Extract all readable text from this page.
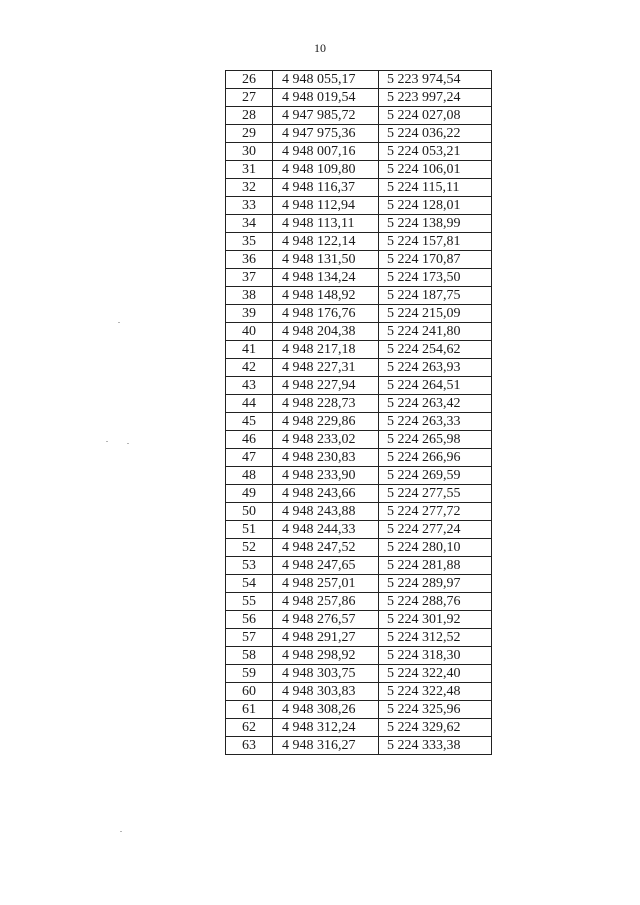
10
26	4 948 055,17	5 223 974,54
27	4 948 019,54	5 223 997,24
28	4 947 985,72	5 224 027,08
29	4 947 975,36	5 224 036,22
30	4 948 007,16	5 224 053,21
31	4 948 109,80	5 224 106,01
32	4 948 116,37	5 224 115,11
33	4 948 112,94	5 224 128,01
34	4 948 113,11	5 224 138,99
35	4 948 122,14	5 224 157,81
36	4 948 131,50	5 224 170,87
37	4 948 134,24	5 224 173,50
38	4 948 148,92	5 224 187,75
39	4 948 176,76	5 224 215,09
40	4 948 204,38	5 224 241,80
41	4 948 217,18	5 224 254,62
42	4 948 227,31	5 224 263,93
43	4 948 227,94	5 224 264,51
44	4 948 228,73	5 224 263,42
45	4 948 229,86	5 224 263,33
46	4 948 233,02	5 224 265,98
47	4 948 230,83	5 224 266,96
48	4 948 233,90	5 224 269,59
49	4 948 243,66	5 224 277,55
50	4 948 243,88	5 224 277,72
51	4 948 244,33	5 224 277,24
52	4 948 247,52	5 224 280,10
53	4 948 247,65	5 224 281,88
54	4 948 257,01	5 224 289,97
55	4 948 257,86	5 224 288,76
56	4 948 276,57	5 224 301,92
57	4 948 291,27	5 224 312,52
58	4 948 298,92	5 224 318,30
59	4 948 303,75	5 224 322,40
60	4 948 303,83	5 224 322,48
61	4 948 308,26	5 224 325,96
62	4 948 312,24	5 224 329,62
63	4 948 316,27	5 224 333,38
